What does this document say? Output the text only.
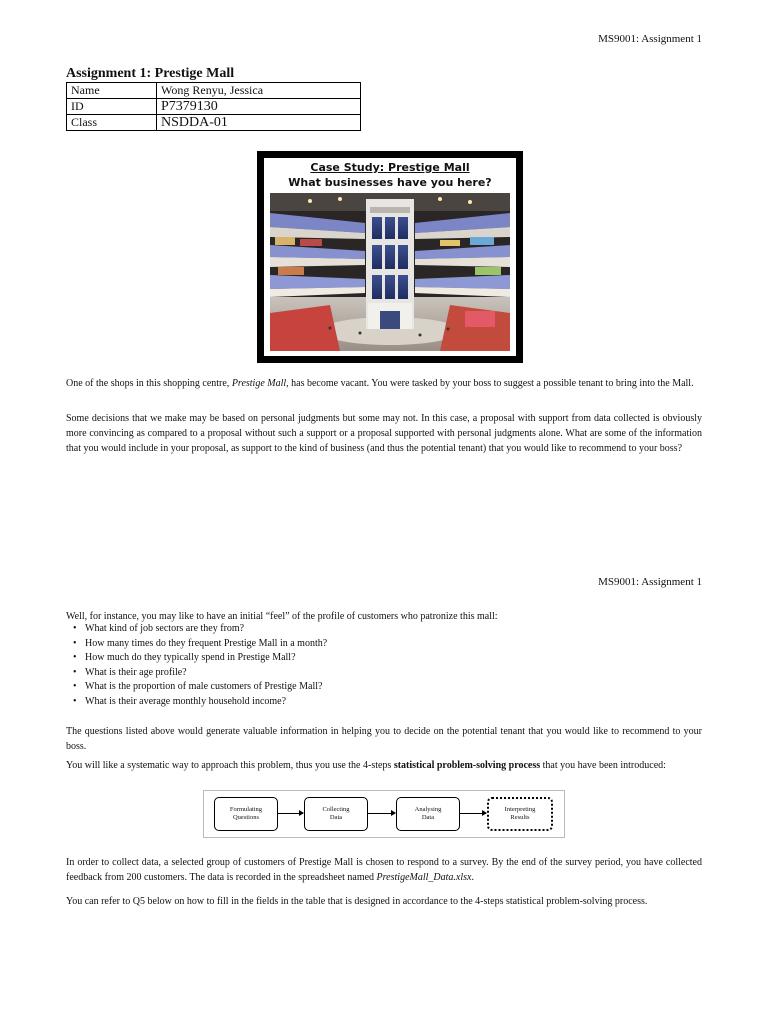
MS9001: Assignment 1
Assignment 1: Prestige Mall
Name	Wong Renyu, Jessica
ID	P7379130
Class	NSDDA-01
Case Study: Prestige Mall
What businesses have you here?
One of the shops in this shopping centre, Prestige Mall, has become vacant. You were tasked by your boss to suggest a possible tenant to bring into the Mall.
Some decisions that we make may be based on personal judgments but some may not. In this case, a proposal with support from data collected is obviously more convincing as compared to a proposal without such a support or a proposal supported with personal judgments alone. What are some of the information that you would include in your proposal, as support to the kind of business (and thus the potential tenant) that you would like to recommend to your boss?
MS9001: Assignment 1
Well, for instance, you may like to have an initial “feel” of the profile of customers who patronize this mall:
• What kind of job sectors are they from?
• How many times do they frequent Prestige Mall in a month?
• How much do they typically spend in Prestige Mall?
• What is their age profile?
• What is the proportion of male customers of Prestige Mall?
• What is their average monthly household income?
The questions listed above would generate valuable information in helping you to decide on the potential tenant that you would like to recommend to your boss.
You will like a systematic way to approach this problem, thus you use the 4-steps statistical problem-solving process that you have been introduced:
Formulating
Questions
Collecting
Data
Analysing
Data
Interpreting
Results
In order to collect data, a selected group of customers of Prestige Mall is chosen to respond to a survey. By the end of the survey period, you have collected feedback from 200 customers. The data is recorded in the spreadsheet named PrestigeMall_Data.xlsx.
You can refer to Q5 below on how to fill in the fields in the table that is designed in accordance to the 4-steps statistical problem-solving process.
